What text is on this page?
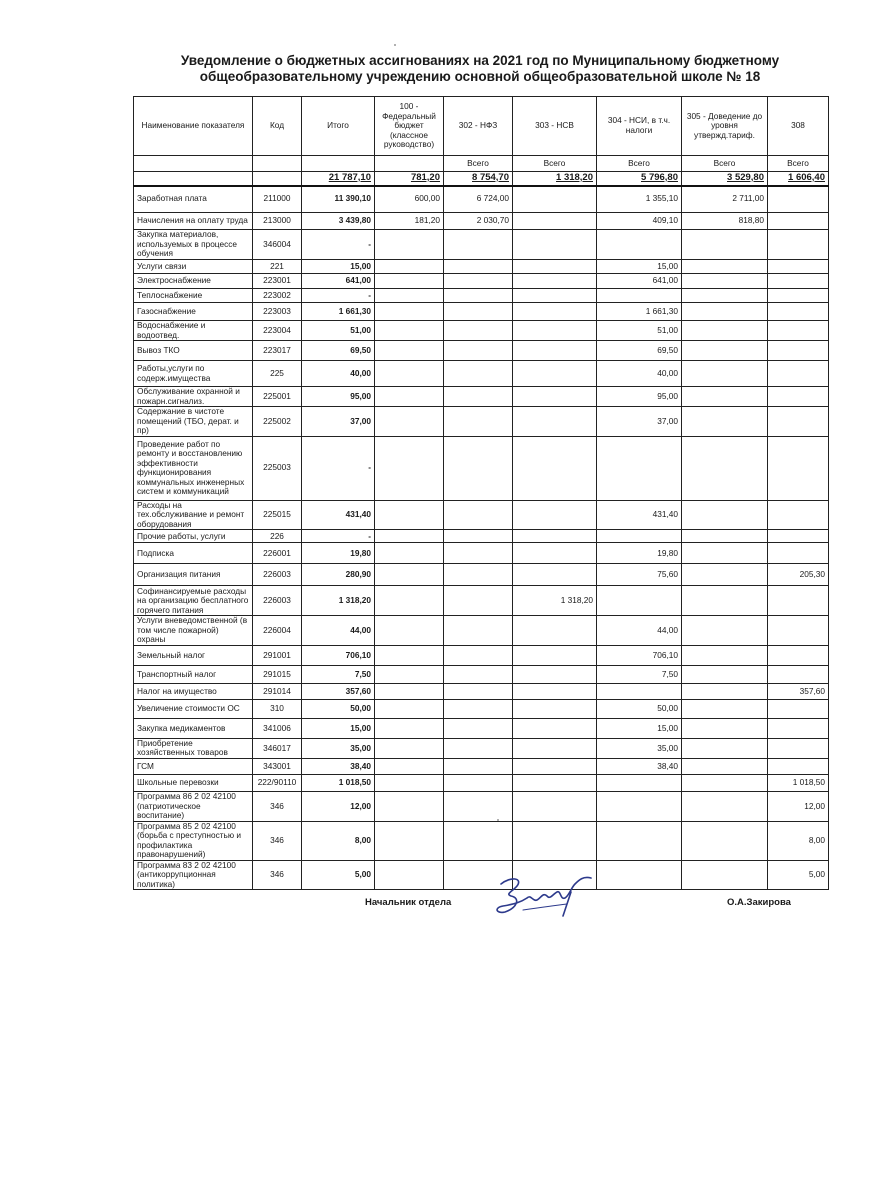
Уведомление о бюджетных ассигнованиях на 2021 год по Муниципальному бюджетному
общеобразовательному учреждению основной общеобразовательной школе № 18
Наименование показателя	Код	Итого	100 - Федеральный бюджет (классное руководство)	302 - НФЗ	303 - НСВ	304 - НСИ, в т.ч. налоги	305 - Доведение до уровня утвержд.тариф.	308
				Всего	Всего	Всего	Всего	Всего
		21 787,10	781,20	8 754,70	1 318,20	5 796,80	3 529,80	1 606,40
Заработная плата	211000	11 390,10	600,00	6 724,00		1 355,10	2 711,00	
Начисления на оплату труда	213000	3 439,80	181,20	2 030,70		409,10	818,80	
Закупка материалов, используемых в процессе обучения	346004	-						
Услуги связи	221	15,00				15,00		
Электроснабжение	223001	641,00				641,00		
Теплоснабжение	223002	-						
Газоснабжение	223003	1 661,30				1 661,30		
Водоснабжение и водоотвед.	223004	51,00				51,00		
Вывоз ТКО	223017	69,50				69,50		
Работы,услуги по содерж.имущества	225	40,00				40,00		
Обслуживание охранной и пожарн.сигнализ.	225001	95,00				95,00		
Содержание в чистоте помещений (ТБО, дерат. и пр)	225002	37,00				37,00		
Проведение работ по ремонту и восстановлению эффективности функционирования коммунальных инженерных систем и коммуникаций	225003	-						
Расходы на тех.обслуживание и ремонт оборудования	225015	431,40				431,40		
Прочие работы, услуги	226	-						
Подписка	226001	19,80				19,80		
Организация питания	226003	280,90				75,60		205,30
Софинансируемые расходы на организацию бесплатного горячего питания	226003	1 318,20			1 318,20			
Услуги вневедомственной (в том числе пожарной) охраны	226004	44,00				44,00		
Земельный налог	291001	706,10				706,10		
Транспортный налог	291015	7,50				7,50		
Налог на имущество	291014	357,60						357,60
Увеличение стоимости ОС	310	50,00				50,00		
Закупка медикаментов	341006	15,00				15,00		
Приобретение хозяйственных товаров	346017	35,00				35,00		
ГСМ	343001	38,40				38,40		
Школьные перевозки	222/90110	1 018,50						1 018,50
Программа 86 2 02 42100 (патриотическое воспитание)	346	12,00						12,00
Программа 85 2 02 42100 (борьба с преступностью и профилактика правонарушений)	346	8,00						8,00
Программа 83 2 02 42100 (антикоррупционная политика)	346	5,00						5,00
Начальник отдела	О.А.Закирова
